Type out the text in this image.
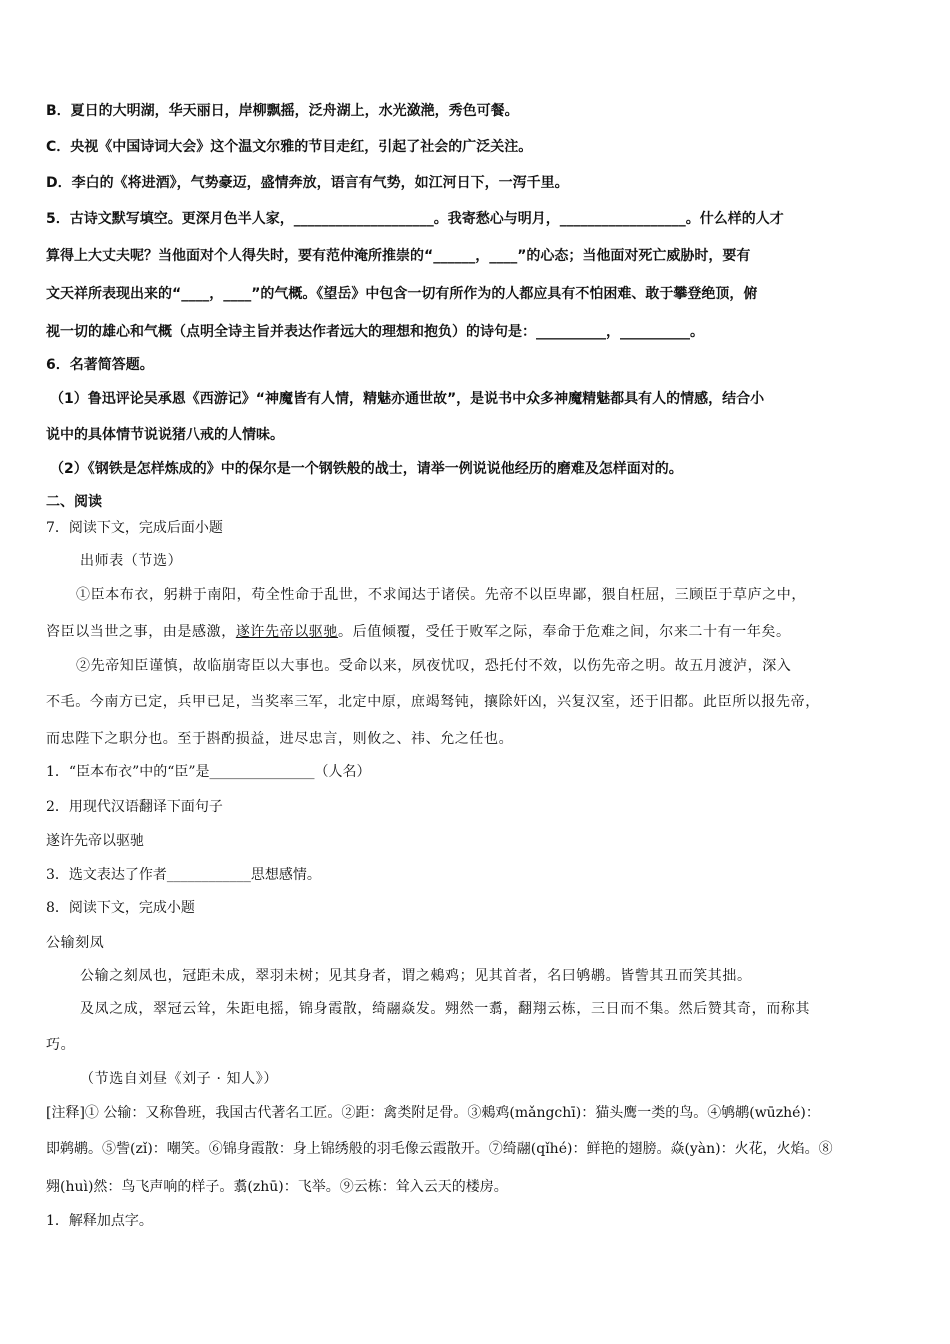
B．夏日的大明湖，华天丽日，岸柳飘摇，泛舟湖上，水光潋滟，秀色可餐。
C．央视《中国诗词大会》这个温文尔雅的节目走红，引起了社会的广泛关注。
D．李白的《将进酒》，气势豪迈，盛情奔放，语言有气势，如江河日下，一泻千里。
5．古诗文默写填空。更深月色半人家，____________________。我寄愁心与明月，__________________。什么样的人才
算得上大丈夫呢？当他面对个人得失时，要有范仲淹所推崇的“______，____”的心态；当他面对死亡威胁时，要有
文天祥所表现出来的“____，____”的气概。《望岳》中包含一切有所作为的人都应具有不怕困难、敢于攀登绝顶，俯
视一切的雄心和气概（点明全诗主旨并表达作者远大的理想和抱负）的诗句是：__________，__________。
6．名著简答题。
（1）鲁迅评论吴承恩《西游记》“神魔皆有人情，精魅亦通世故”，是说书中众多神魔精魅都具有人的情感，结合小
说中的具体情节说说猪八戒的人情味。
（2）《钢铁是怎样炼成的》中的保尔是一个钢铁般的战士，请举一例说说他经历的磨难及怎样面对的。
二、阅读
7．阅读下文，完成后面小题
出师表（节选）
①臣本布衣，躬耕于南阳，苟全性命于乱世，不求闻达于诸侯。先帝不以臣卑鄙，猥自枉屈，三顾臣于草庐之中，
咨臣以当世之事，由是感激，遂许先帝以驱驰。后值倾覆，受任于败军之际，奉命于危难之间，尔来二十有一年矣。
②先帝知臣谨慎，故临崩寄臣以大事也。受命以来，夙夜忧叹，恐托付不效，以伤先帝之明。故五月渡泸，深入
不毛。今南方已定，兵甲已足，当奖率三军，北定中原，庶竭驽钝，攘除奸凶，兴复汉室，还于旧都。此臣所以报先帝，
而忠陛下之职分也。至于斟酌损益，进尽忠言，则攸之、祎、允之任也。
1．“臣本布衣”中的“臣”是_______________（人名）
2．用现代汉语翻译下面句子
遂许先帝以驱驰
3．选文表达了作者____________思想感情。
8．阅读下文，完成小题
公输刻凤
公输之刻凤也，冠距未成，翠羽未树；见其身者，谓之鶆鸡；见其首者，名曰鸲鹕。皆訾其丑而笑其拙。
及凤之成，翠冠云耸，朱距电摇，锦身霞散，绮翮焱发。翙然一翥，翻翔云栋，三日而不集。然后赞其奇，而称其
巧。
（节选自刘昼《刘子 · 知人》）
[注释]① 公输：又称鲁班，我国古代著名工匠。②距：禽类附足骨。③鶆鸡(mǎngchī)：猫头鹰一类的鸟。④鸲鹕(wūzhé)：
即鹈鹕。⑤訾(zǐ)：嘲笑。⑥锦身霞散：身上锦绣般的羽毛像云霞散开。⑦绮翮(qǐhé)：鲜艳的翅膀。焱(yàn)：火花，火焰。⑧
翙(huì)然：鸟飞声响的样子。翥(zhū)：飞举。⑨云栋：耸入云天的楼房。
1．解释加点字。
